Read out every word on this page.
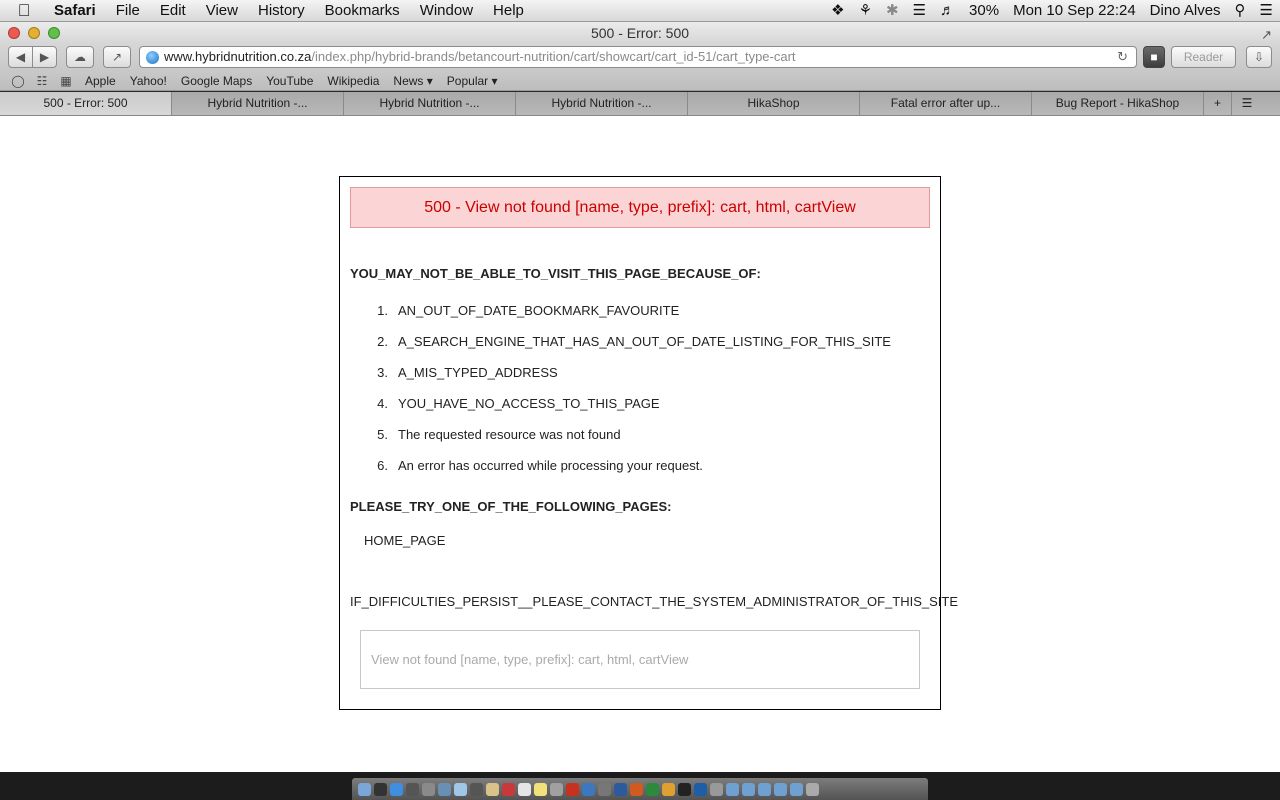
Safari	File	Edit	View	History	Bookmarks	Window	Help	❖ ⚘ ✱ ☰ ♬ 30% Mon 10 Sep 22:24 Dino Alves ⚲ ☰
500 - Error: 500	↗
◀	▶	☁	↗	www.hybridnutrition.co.za/index.php/hybrid-brands/betancourt-nutrition/cart/showcart/cart_id-51/cart_type-cart	↻	■	Reader	⇩
◯ ☷	▦	Apple	Yahoo!	Google Maps	YouTube	Wikipedia	News ▾	Popular ▾
500 - Error: 500	Hybrid Nutrition -...	Hybrid Nutrition -...	Hybrid Nutrition -...	HikaShop	Fatal error after up...	Bug Report - HikaShop	+	☰
500 - View not found [name, type, prefix]: cart, html, cartView
YOU_MAY_NOT_BE_ABLE_TO_VISIT_THIS_PAGE_BECAUSE_OF:
1. AN_OUT_OF_DATE_BOOKMARK_FAVOURITE
2. A_SEARCH_ENGINE_THAT_HAS_AN_OUT_OF_DATE_LISTING_FOR_THIS_SITE
3. A_MIS_TYPED_ADDRESS
4. YOU_HAVE_NO_ACCESS_TO_THIS_PAGE
5. The requested resource was not found
6. An error has occurred while processing your request.
PLEASE_TRY_ONE_OF_THE_FOLLOWING_PAGES:
HOME_PAGE
IF_DIFFICULTIES_PERSIST__PLEASE_CONTACT_THE_SYSTEM_ADMINISTRATOR_OF_THIS_SITE
View not found [name, type, prefix]: cart, html, cartView
